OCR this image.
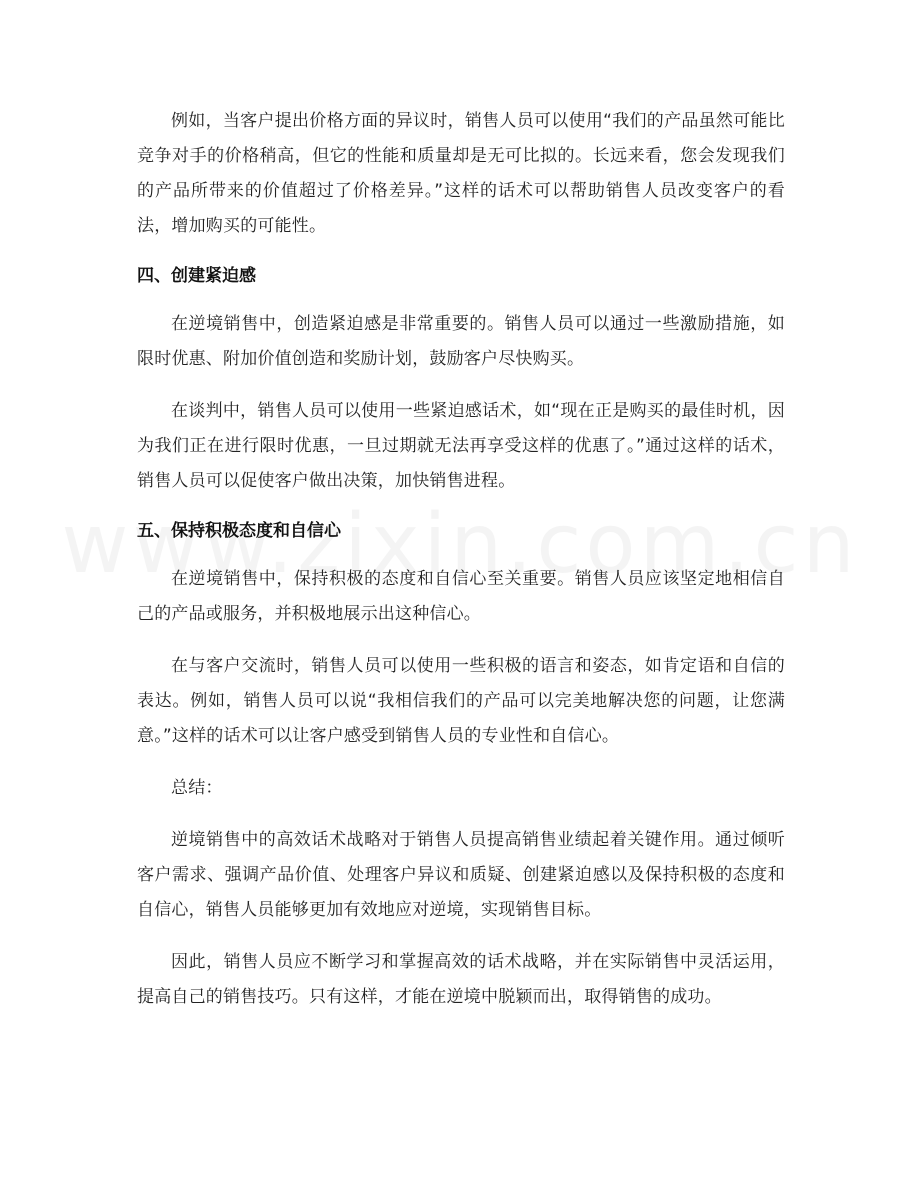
例如，当客户提出价格方面的异议时，销售人员可以使用“我们的产品虽然可能比竞争对手的价格稍高，但它的性能和质量却是无可比拟的。长远来看，您会发现我们的产品所带来的价值超过了价格差异。”这样的话术可以帮助销售人员改变客户的看法，增加购买的可能性。

四、创建紧迫感

在逆境销售中，创造紧迫感是非常重要的。销售人员可以通过一些激励措施，如限时优惠、附加价值创造和奖励计划，鼓励客户尽快购买。

在谈判中，销售人员可以使用一些紧迫感话术，如“现在正是购买的最佳时机，因为我们正在进行限时优惠，一旦过期就无法再享受这样的优惠了。”通过这样的话术，销售人员可以促使客户做出决策，加快销售进程。

五、保持积极态度和自信心

在逆境销售中，保持积极的态度和自信心至关重要。销售人员应该坚定地相信自己的产品或服务，并积极地展示出这种信心。

在与客户交流时，销售人员可以使用一些积极的语言和姿态，如肯定语和自信的表达。例如，销售人员可以说“我相信我们的产品可以完美地解决您的问题，让您满意。”这样的话术可以让客户感受到销售人员的专业性和自信心。

总结：

逆境销售中的高效话术战略对于销售人员提高销售业绩起着关键作用。通过倾听客户需求、强调产品价值、处理客户异议和质疑、创建紧迫感以及保持积极的态度和自信心，销售人员能够更加有效地应对逆境，实现销售目标。

因此，销售人员应不断学习和掌握高效的话术战略，并在实际销售中灵活运用，提高自己的销售技巧。只有这样，才能在逆境中脱颖而出，取得销售的成功。
